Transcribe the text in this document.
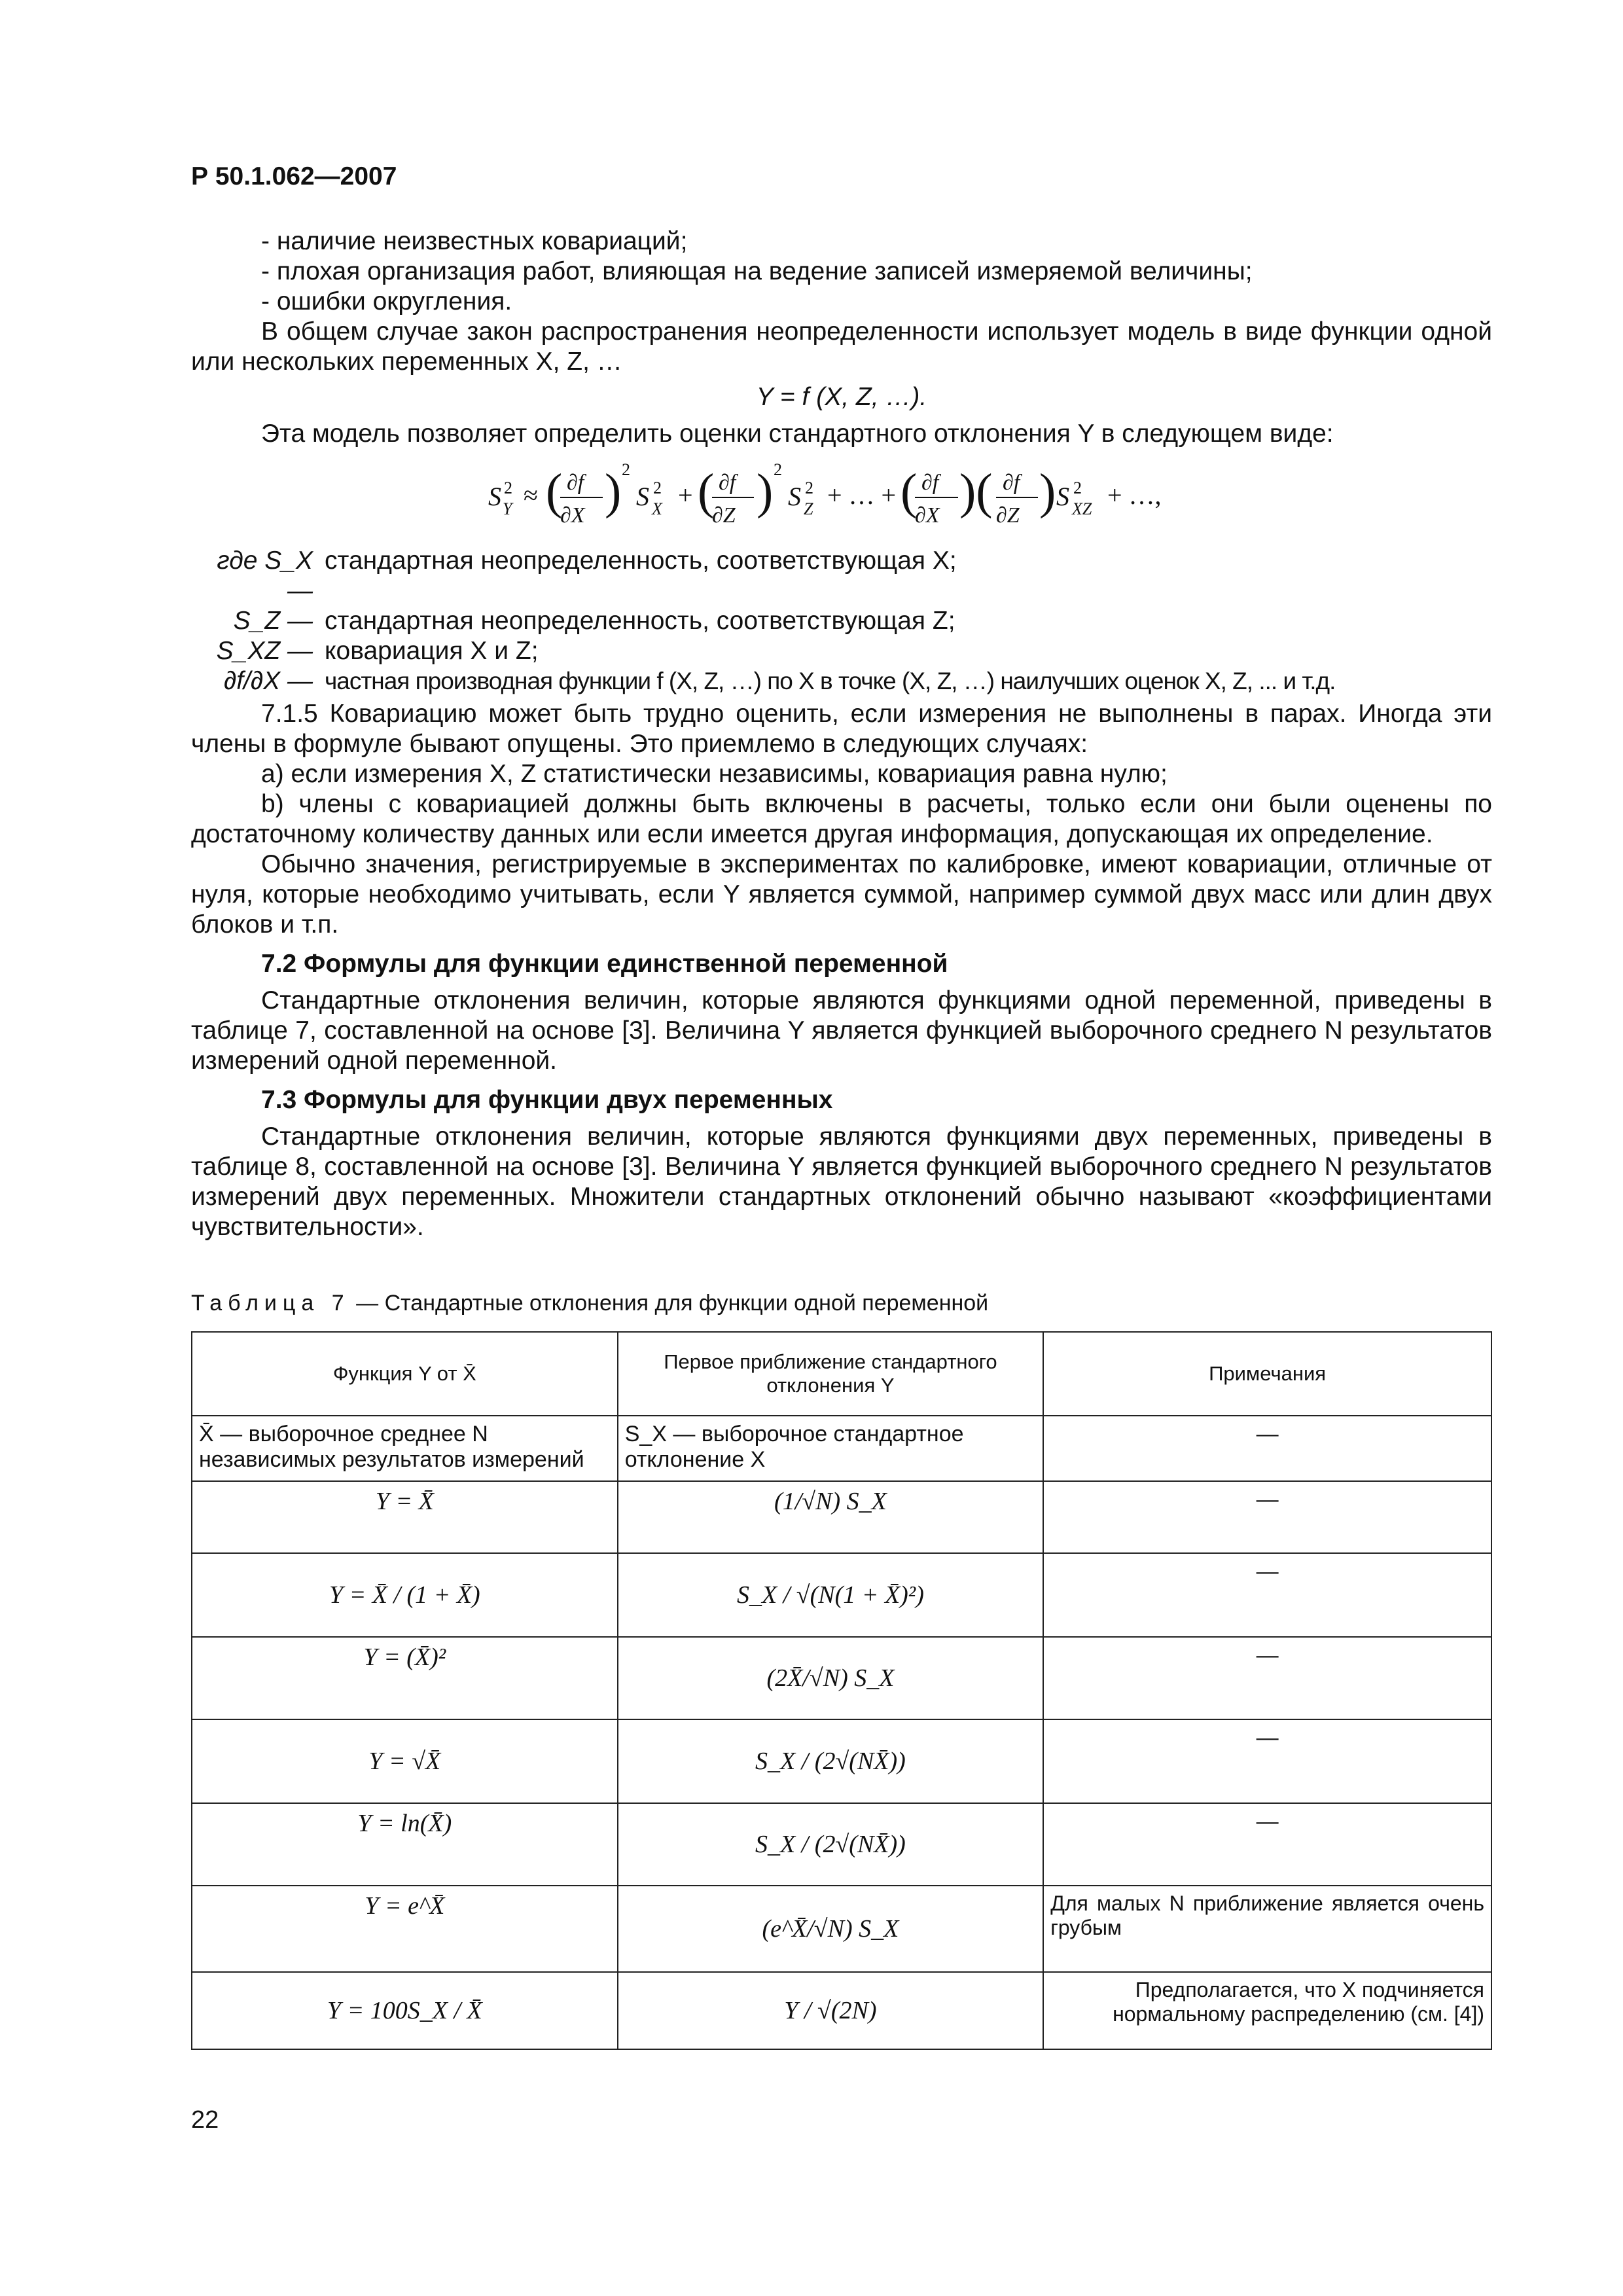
Р 50.1.062—2007

- наличие неизвестных ковариаций;

- плохая организация работ, влияющая на ведение записей измеряемой величины;

- ошибки округления.

В общем случае закон распространения неопределенности использует модель в виде функции одной или нескольких переменных X, Z, …

Y = f (X, Z, …).

Эта модель позволяет определить оценки стандартного отклонения Y в следующем виде:

S 2
Y ≈ ( ∂f
∂X ) 2
S 2
X + ( ∂f
∂Z ) 2
S 2
Z + … + ( ∂f
∂X )( ∂f
∂Z ) S 2
XZ + …,
где S_X —
стандартная неопределенность, соответствующая X;
S_Z — стандартная неопределенность, соответствующая Z;
S_XZ — ковариация X и Z;
∂f/∂X — частная производная функции f (X, Z, …) по X в точке (X, Z, …) наилучших оценок X, Z, ... и т.д.

7.1.5 Ковариацию может быть трудно оценить, если измерения не выполнены в парах. Иногда эти члены в формуле бывают опущены. Это приемлемо в следующих случаях:

a) если измерения X, Z статистически независимы, ковариация равна нулю;

b) члены с ковариацией должны быть включены в расчеты, только если они были оценены по достаточному количеству данных или если имеется другая информация, допускающая их определение.

Обычно значения, регистрируемые в экспериментах по калибровке, имеют ковариации, отличные от нуля, которые необходимо учитывать, если Y является суммой, например суммой двух масс или длин двух блоков и т.п.

7.2 Формулы для функции единственной переменной

Стандартные отклонения величин, которые являются функциями одной переменной, приведены в таблице 7, составленной на основе [3]. Величина Y является функцией выборочного среднего N результатов измерений одной переменной.

7.3 Формулы для функции двух переменных

Стандартные отклонения величин, которые являются функциями двух переменных, приведены в таблице 8, составленной на основе [3]. Величина Y является функцией выборочного среднего N результатов измерений двух переменных. Множители стандартных отклонений обычно называют «коэффициентами чувствительности».

Таблица 7 — Стандартные отклонения для функции одной переменной
Функция Y от X̄	Первое приближение стандартного отклонения Y	Примечания
X̄ — выборочное среднее N независимых результатов измерений	S_X — выборочное стандартное отклонение X	—
Y = X̄	(1/√N) S_X	—
Y = X̄ / (1 + X̄)	S_X / √(N(1 + X̄)²)	—
Y = (X̄)²	(2X̄/√N) S_X	—
Y = √X̄	S_X / (2√(NX̄))	—
Y = ln(X̄)	S_X / (2√(NX̄))	—
Y = e^X̄	(e^X̄/√N) S_X	Для малых N приближение является очень грубым
Y = 100S_X / X̄	Y / √(2N)	Предполагается, что X подчиняется нормальному распределению (см. [4])
22
